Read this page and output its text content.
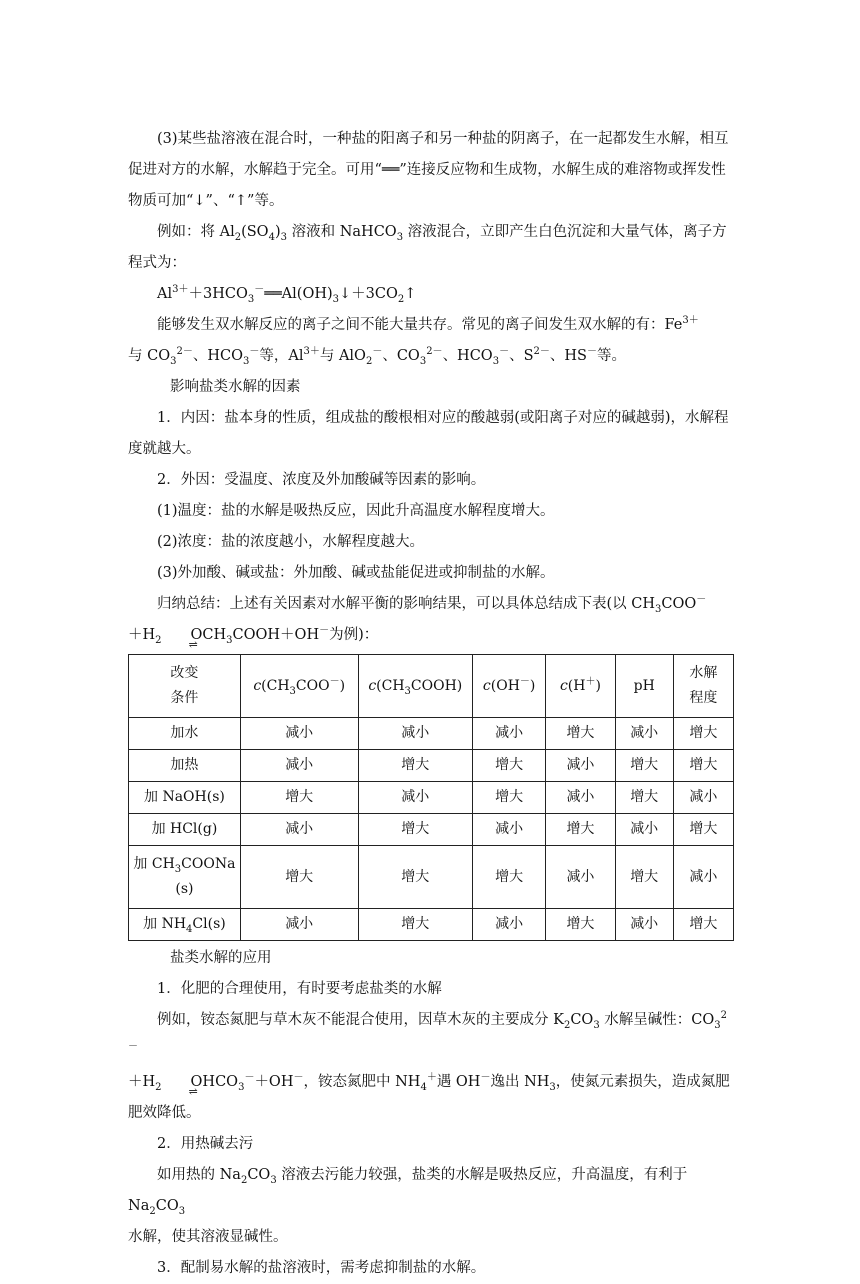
(3)某些盐溶液在混合时，一种盐的阳离子和另一种盐的阴离子，在一起都发生水解，相互促进对方的水解，水解趋于完全。可用“══”连接反应物和生成物，水解生成的难溶物或挥发性物质可加“↓”、“↑”等。

例如：将 $Al_2(SO_4)_3$ 溶液和 NaHCO$_3$ 溶液混合，立即产生白色沉淀和大量气体，离子方程式为：

$Al^{3+}+3HCO_3^-══Al(OH)_3↓+3CO_2↑$

能够发生双水解反应的离子之间不能大量共存。常见的离子间发生双水解的有：$Fe^{3+}$
与 $CO_3^{2-}$、$HCO_3^-$等，$Al^{3+}$与 AlO$_2$－、$CO_3^{2-}$、$HCO_3^-$、$S^{2-}$、HS－等。

影响盐类水解的因素

1．内因：盐本身的性质，组成盐的酸根相对应的酸越弱(或阳离子对应的碱越弱)，水解程度就越大。

2．外因：受温度、浓度及外加酸碱等因素的影响。

(1)温度：盐的水解是吸热反应，因此升高温度水解程度增大。

(2)浓度：盐的浓度越小，水解程度越大。

(3)外加酸、碱或盐：外加酸、碱或盐能促进或抑制盐的水解。

归纳总结：上述有关因素对水解平衡的影响结果，可以具体总结成下表(以 $CH_3COO^-$
$+H_2$ O $\rightleftharpoons CH_3COOH+OH^-$为例)：

改变
条件	$c(CH_3COO^-)$	$c(CH_3COOH)$	c(OH－)	c(H＋)	pH	水解
程度
加水	减小	减小	减小	增大	减小	增大
加热	减小	增大	增大	减小	增大	增大
加 NaOH(s)	增大	减小	增大	减小	增大	减小
加 HCl(g)	减小	增大	减小	增大	减小	增大
加 $CH_3COONa$
(s)	增大	增大	增大	减小	增大	减小
加 $NH_4Cl(s)$	减小	增大	减小	增大	减小	增大

盐类水解的应用

1．化肥的合理使用，有时要考虑盐类的水解

例如，铵态氮肥与草木灰不能混合使用，因草木灰的主要成分 $K_2CO_3$ 水解呈碱性：$CO_3^{2-}$
$+H_2$ O $\rightleftharpoons HCO_3^-+OH^-$，铵态氮肥中 $NH_4^+$遇 OH－逸出 $NH_3$，使氮元素损失，造成氮肥肥效降低。

2．用热碱去污

如用热的 $Na_2CO_3$ 溶液去污能力较强，盐类的水解是吸热反应，升高温度，有利于 $Na_2CO_3$
水解，使其溶液显碱性。

3．配制易水解的盐溶液时，需考虑抑制盐的水解。
